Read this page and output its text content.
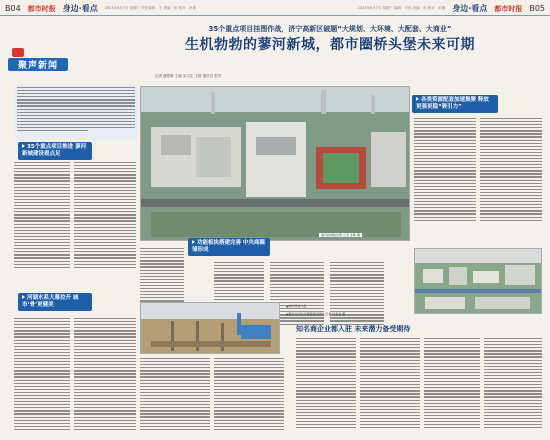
B04	都市时报 身边·看点	2023年6月7日 星期三 责任编辑：王 美编：柏 校对：彭蕾	2023年6月7日 星期三 编辑：安伟 美编：柏 校对：彭蕾 身边·看点	都市时报 B05
聚声新闻
35个重点项目挂图作战，济宁高新区破题“大规划、大环境、大配套、大商业”
生机勃勃的蓼河新城，都市圈桥头堡未来可期
记者 谢思琪 王丽 实习生 王路 通讯员 张学
35个重点项目推进 蓼河新城建设看点足
河湖水系大幕拉开 城市‘骨’更健美
蓼河新城航拍图 记者 孙静 摄
功能板块搭建完善 中央商圈雏形成
各类资源配套加速集聚 释放更强更稳“吸引力”
▲城市规划沙盘
▲蓼河片区综合管廊建设现场 记者 付金华 摄
知名商企业都入驻 未来潜力备受期待
